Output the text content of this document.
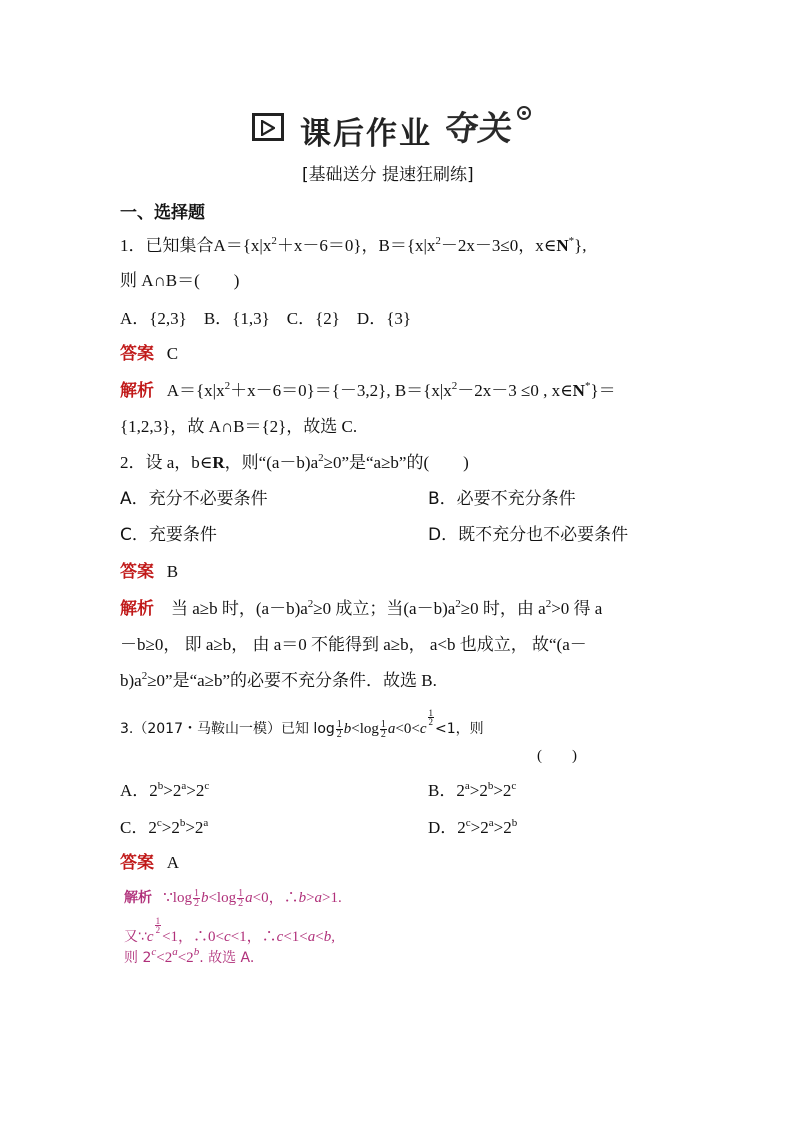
课后作业 夺关
[基础送分 提速狂刷练]
一、选择题
1．已知集合$A=\{x|x^2+x-6=0\}$，$B=\{x|x^2-2x-3\le 0$，x∈N*},
则 A∩B＝(　　)
A．{2,3}　B．{1,3}　C．{2}　D．{3}
答案 C
解析 $A=\{x|x^2+x-6=0\}=\{-3,2\}$, $B=\{x|x^2-2x-3 \le 0$ , x∈N*}＝
{1,2,3}，故 A∩B＝{2}，故选 C.
2．设 a，b∈R，则“$(a-b)a^2\ge 0$”是“a≥b”的(　　)
A．充分不必要条件	B．必要不充分条件
C．充要条件	D．既不充分也不必要条件
答案 B
解析 当 a≥b 时，$(a-b)a^2\ge 0$ 成立；当$(a-b)a^2\ge 0$ 时，由 $a^2>0$ 得 a
－b≥0， 即 a≥b， 由 a＝0 不能得到 a≥b， a<b 也成立， 故“(a－
$b)a^2\ge 0$”是“a≥b”的必要不充分条件．故选 B.
3.（2017・马鞍山一模）已知 $\log \frac{1}{2} b<\log \frac{1}{2} a<0<c$
$\frac{1}{2}$
<1，则
(　　)
A．$2^b>2^a>2^c$	B．$2^a>2^b>2^c$
C．$2^c>2^b>2^a$	D．$2^c>2^a>2^b$
答案 A
解析 ∵log $\frac{1}{2} b<\log \frac{1}{2} a<0$，∴b>a>1.
又∵c
$\frac{1}{2}$
<1，∴0<c<1，∴c<1<a<b,
则 $2^c<2^a<2^b$. 故选 A.
